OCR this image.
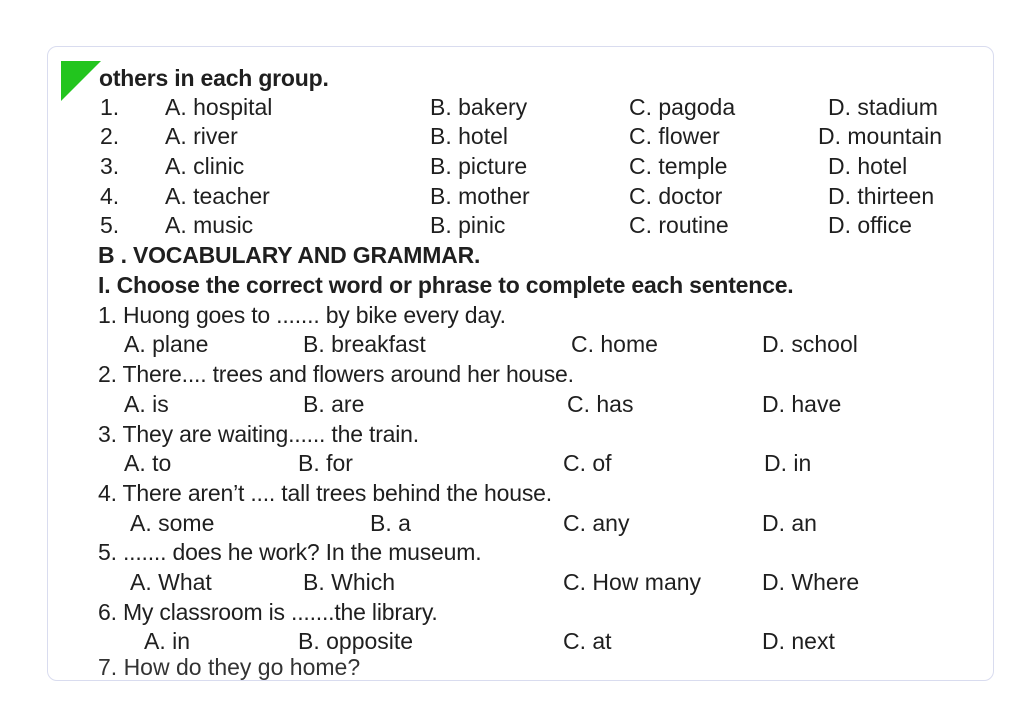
others in each group.
1. A. hospital	B. bakery	C. pagoda	D. stadium
2. A. river	B. hotel	C. flower	D. mountain
3. A. clinic	B. picture	C. temple	D. hotel
4. A. teacher	B. mother	C. doctor	D. thirteen
5. A. music	B. pinic	C. routine	D. office
B . VOCABULARY AND GRAMMAR.
I. Choose the correct word or phrase to complete each sentence.
1. Huong goes to ....... by bike every day.
A. plane	B. breakfast	C. home	D. school
2. There.... trees and flowers around her house.
A. is	B. are	C. has	D. have
3. They are waiting...... the train.
A. to	B. for	C. of	D. in
4. There aren’t .... tall trees behind the house.
A. some	B. a	C. any	D. an
5. ....... does he work? In the museum.
A. What	B. Which	C. How many	D. Where
6. My classroom is .......the library.
A. in	B. opposite	C. at	D. next
7. How do they go home?
